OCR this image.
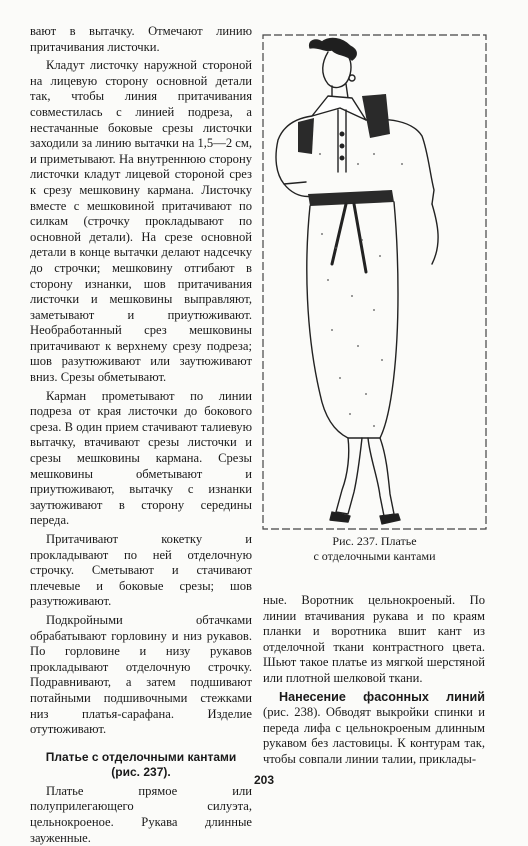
вают в вытачку. Отмечают линию притачивания листочки.

Кладут листочку наружной стороной на лицевую сторону основной детали так, чтобы линия притачивания совместилась с линией подреза, а нестачанные боковые срезы листочки заходили за линию вытачки на 1,5—2 см, и приметывают. На внутреннюю сторону листочки кладут лицевой стороной срез к срезу мешковину кармана. Листочку вместе с мешковиной притачивают по силкам (строчку прокладывают по основной детали). На срезе основной детали в конце вытачки делают надсечку до строчки; мешковину отгибают в сторону изнанки, шов притачивания листочки и мешковины выправляют, заметывают и приутюживают. Необработанный срез мешковины притачивают к верхнему срезу подреза; шов разутюживают или заутюживают вниз. Срезы обметывают.

Карман прометывают по линии подреза от края листочки до бокового среза. В один прием стачивают талиевую вытачку, втачивают срезы листочки и срезы мешковины кармана. Срезы мешковины обметывают и приутюживают, вытачку с изнанки заутюживают в сторону середины переда.

Притачивают кокетку и прокладывают по ней отделочную строчку. Сметывают и стачивают плечевые и боковые срезы; шов разутюживают.

Подкройными обтачками обрабатывают горловину и низ рукавов. По горловине и низу рукавов прокладывают отделочную строчку. Подравнивают, а затем подшивают потайными подшивочными стежками низ платья-сарафана. Изделие отутюживают.

Платье с отделочными кантами
(рис. 237).

Платье прямое или полуприлегающего силуэта, цельнокроеное. Рукава длинные зауженные.

Рис. 237. Платье
с отделочными кантами

ные. Воротник цельнокроеный. По линии втачивания рукава и по краям планки и воротника вшит кант из отделочной ткани контрастного цвета. Шьют такое платье из мягкой шерстяной или плотной шелковой ткани.

Нанесение фасонных линий (рис. 238). Обводят выкройки спинки и переда лифа с цельнокроеным длинным рукавом без ластовицы. К контурам так, чтобы совпали линии талии, приклады-

203
